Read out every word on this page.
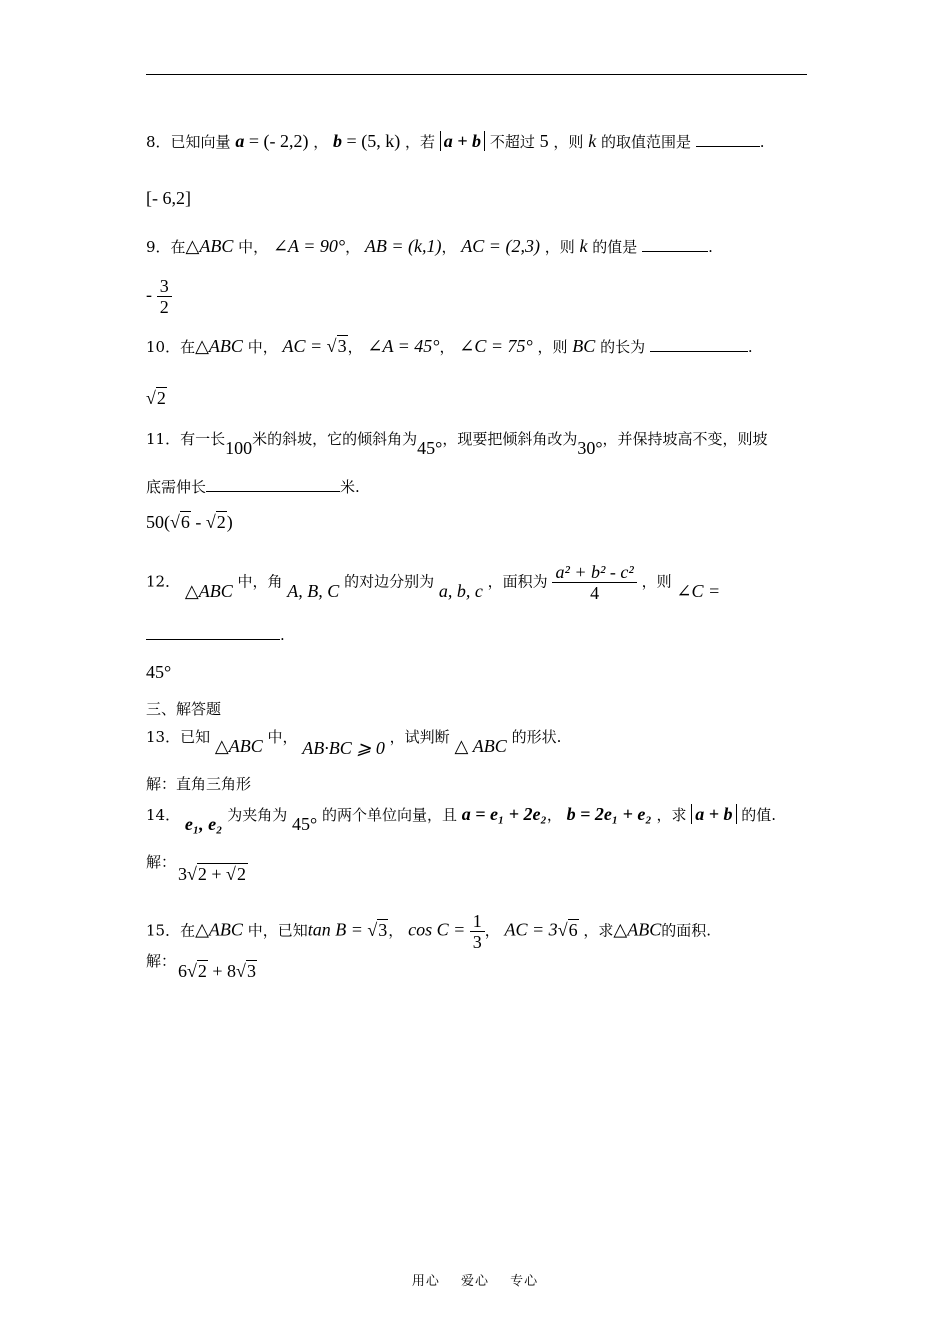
8．已知向量 a = (- 2,2) ， b = (5, k) ，若 a + b 不超过 5 ，则 k 的取值范围是	.
[- 6,2]
9．在△ABC 中， ∠A = 90°， AB = (k,1)， AC = (2,3) ，则 k 的值是	.
- $\frac{3}{2}$
10．在△ABC 中， AC = √3， ∠A = 45°， ∠C = 75° ，则 BC 的长为	.
√2
11．有一长100米的斜坡，它的倾斜角为45°，现要把倾斜角改为30°，并保持坡高不变，则坡
底需伸长	米.
50(√6 - √2)
12． △ABC 中，角 A, B, C 的对边分别为 a, b, c ，面积为 $\frac{\text{a² + b² - c²}}{4}$ ，则 ∠C =
.
45°
三、解答题
13．已知 △ABC 中， AB·BC ⩾ 0 ，试判断 △ ABC 的形状.
解：直角三角形
14． e₁, e₂ 为夹角为 45° 的两个单位向量，且 a = e₁ + 2e₂， b = 2e₁ + e₂ ，求 a + b 的值.
解：
3√2 + √2
15．在△ABC 中，已知tan B = √3， $\cos C = \frac{1}{3}$ ， AC = 3√6 ，求△ABC的面积.
解： 6√2 + 8√3
用心 爱心 专心
